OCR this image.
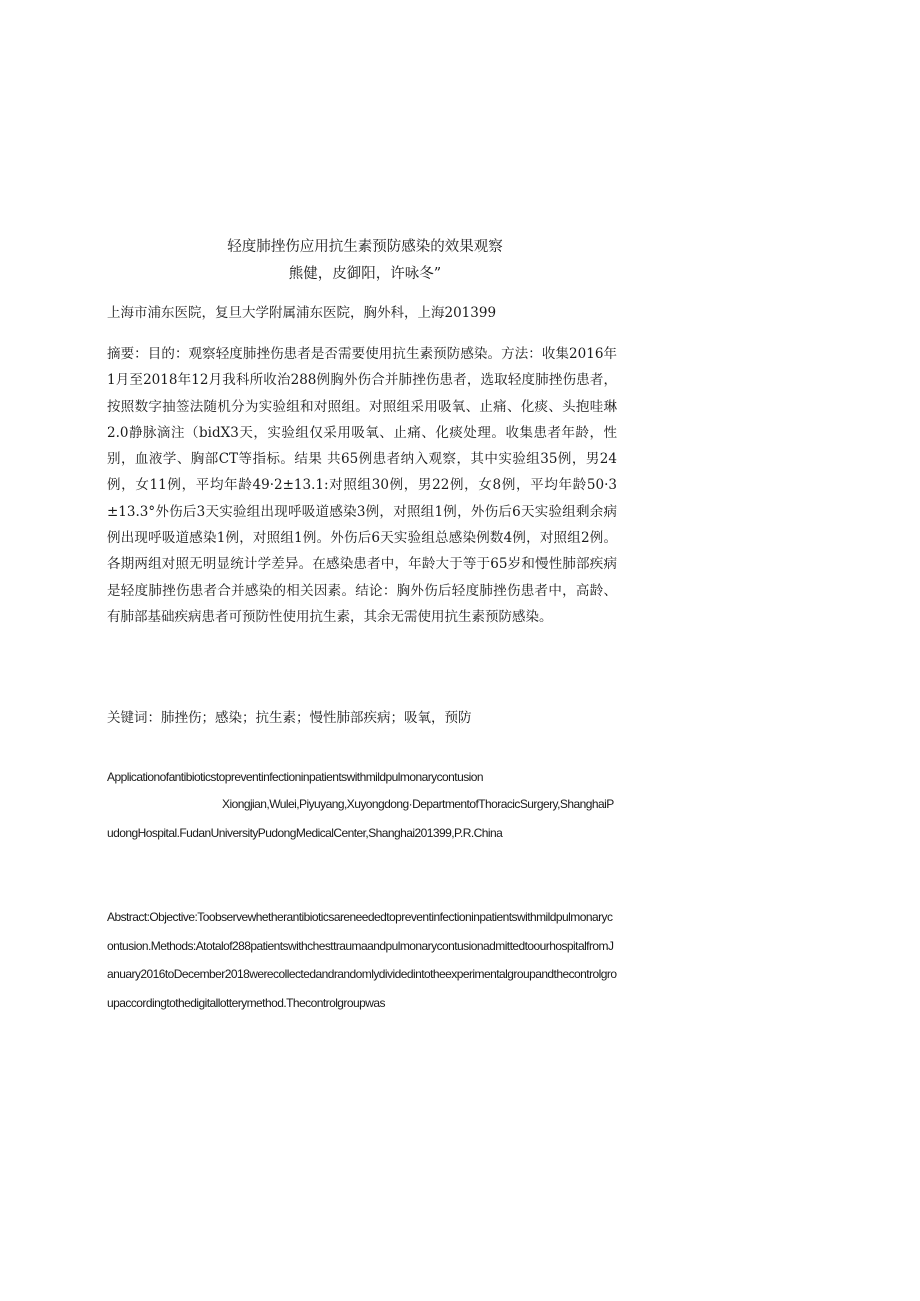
轻度肺挫伤应用抗生素预防感染的效果观察
熊健，皮御阳，许咏冬”
上海市浦东医院，复旦大学附属浦东医院，胸外科，上海201399
摘要：目的：观察轻度肺挫伤患者是否需要使用抗生素预防感染。方法：收集2016年1月至2018年12月我科所收治288例胸外伤合并肺挫伤患者，选取轻度肺挫伤患者，按照数字抽签法随机分为实验组和对照组。对照组采用吸氧、止痛、化痰、头抱哇琳2.0静脉滴注（bidX3天，实验组仅采用吸氧、止痛、化痰处理。收集患者年龄，性别，血液学、胸部CT等指标。结果 共65例患者纳入观察，其中实验组35例，男24例，女11例，平均年龄49·2±13.1:对照组30例，男22例，女8例，平均年龄50·3±13.3°外伤后3天实验组出现呼吸道感染3例，对照组1例，外伤后6天实验组剩余病例出现呼吸道感染1例，对照组1例。外伤后6天实验组总感染例数4例，对照组2例。各期两组对照无明显统计学差异。在感染患者中，年龄大于等于65岁和慢性肺部疾病是轻度肺挫伤患者合并感染的相关因素。结论：胸外伤后轻度肺挫伤患者中，高龄、有肺部基础疾病患者可预防性使用抗生素，其余无需使用抗生素预防感染。
关键词：肺挫伤；感染；抗生素；慢性肺部疾病；吸氧，预防
Applicationofantibioticstopreventinfectioninpatientswithmildpulmonarycontusion
Xiongjian,Wulei,Piyuyang,Xuyongdong·DepartmentofThoracicSurgery,ShanghaiPudongHospital.FudanUniversityPudongMedicalCenter,Shanghai201399,P.R.China
Abstract:Objective:Toobservewhetherantibioticsareneededtopreventinfectioninpatientswithmildpulmonarycontusion.Methods:Atotalof288patientswithchesttraumaandpulmonarycontusionadmittedtoourhospitalfromJanuary2016toDecember2018werecollectedandrandomlydividedintotheexperimentalgroupandthecontrolgroupaccordingtothedigitallotterymethod.Thecontrolgroupwas
